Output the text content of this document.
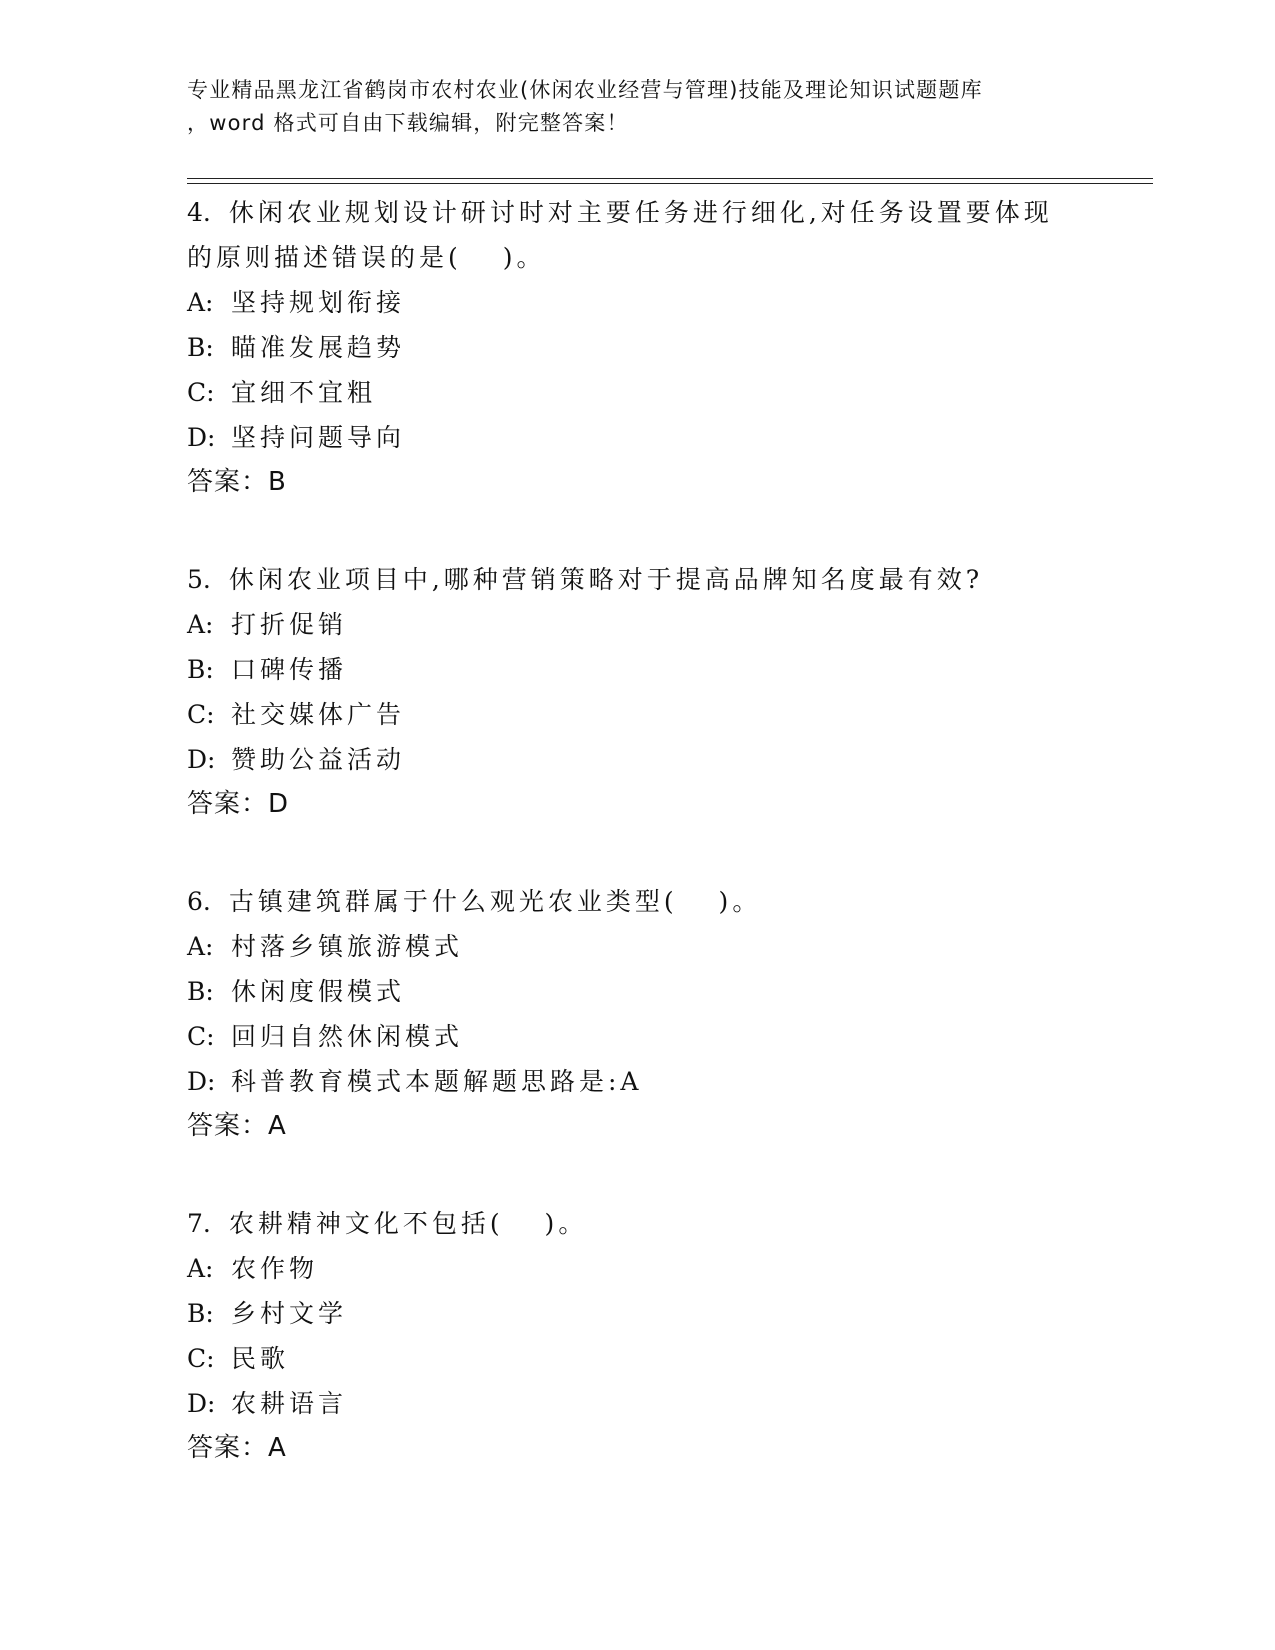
专业精品黑龙江省鹤岗市农村农业(休闲农业经营与管理)技能及理论知识试题题库
，word 格式可自由下载编辑，附完整答案！
4. 休闲农业规划设计研讨时对主要任务进行细化,对任务设置要体现
的原则描述错误的是(　 )。
A: 坚持规划衔接
B: 瞄准发展趋势
C: 宜细不宜粗
D: 坚持问题导向
答案：B
5. 休闲农业项目中,哪种营销策略对于提高品牌知名度最有效?
A: 打折促销
B: 口碑传播
C: 社交媒体广告
D: 赞助公益活动
答案：D
6. 古镇建筑群属于什么观光农业类型(　 )。
A: 村落乡镇旅游模式
B: 休闲度假模式
C: 回归自然休闲模式
D: 科普教育模式本题解题思路是:A
答案：A
7. 农耕精神文化不包括(　 )。
A: 农作物
B: 乡村文学
C: 民歌
D: 农耕语言
答案：A
